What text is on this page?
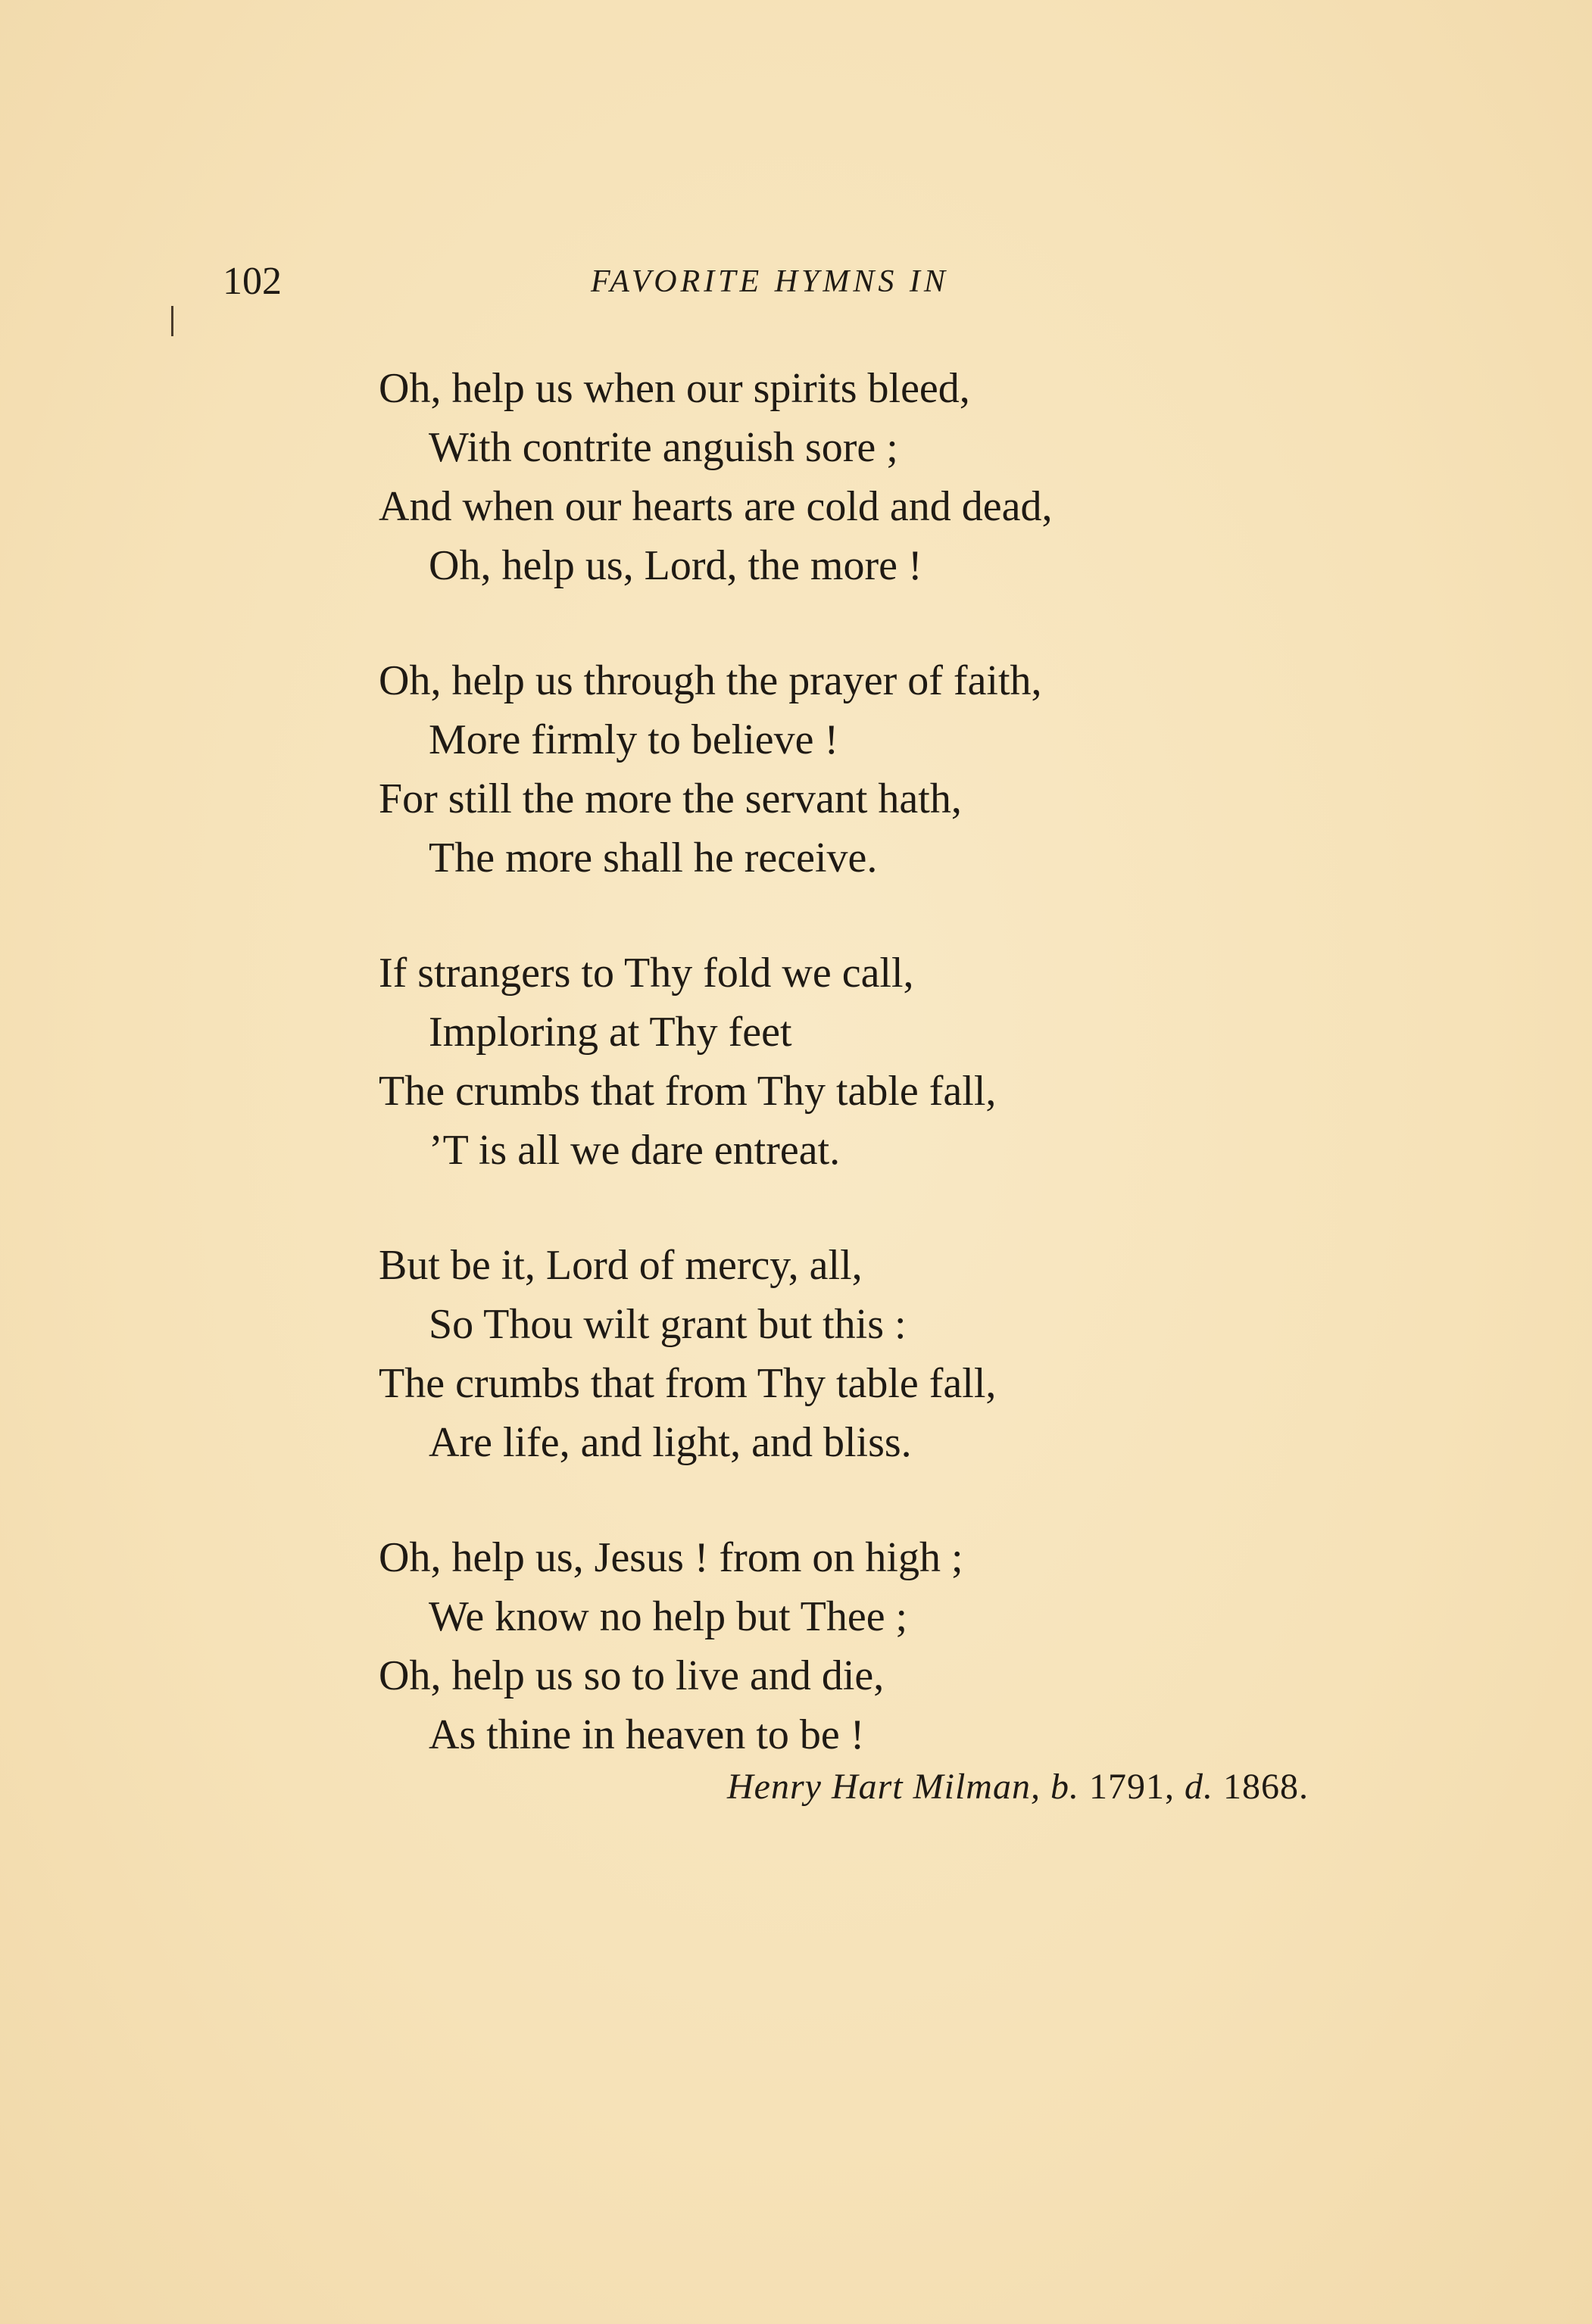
102	FAVORITE HYMNS IN
Oh, help us when our spirits bleed,
With contrite anguish sore ;
And when our hearts are cold and dead,
Oh, help us, Lord, the more !
Oh, help us through the prayer of faith,
More firmly to believe !
For still the more the servant hath,
The more shall he receive.
If strangers to Thy fold we call,
Imploring at Thy feet
The crumbs that from Thy table fall,
’T is all we dare entreat.
But be it, Lord of mercy, all,
So Thou wilt grant but this :
The crumbs that from Thy table fall,
Are life, and light, and bliss.
Oh, help us, Jesus ! from on high ;
We know no help but Thee ;
Oh, help us so to live and die,
As thine in heaven to be !
Henry Hart Milman, b. 1791, d. 1868.
